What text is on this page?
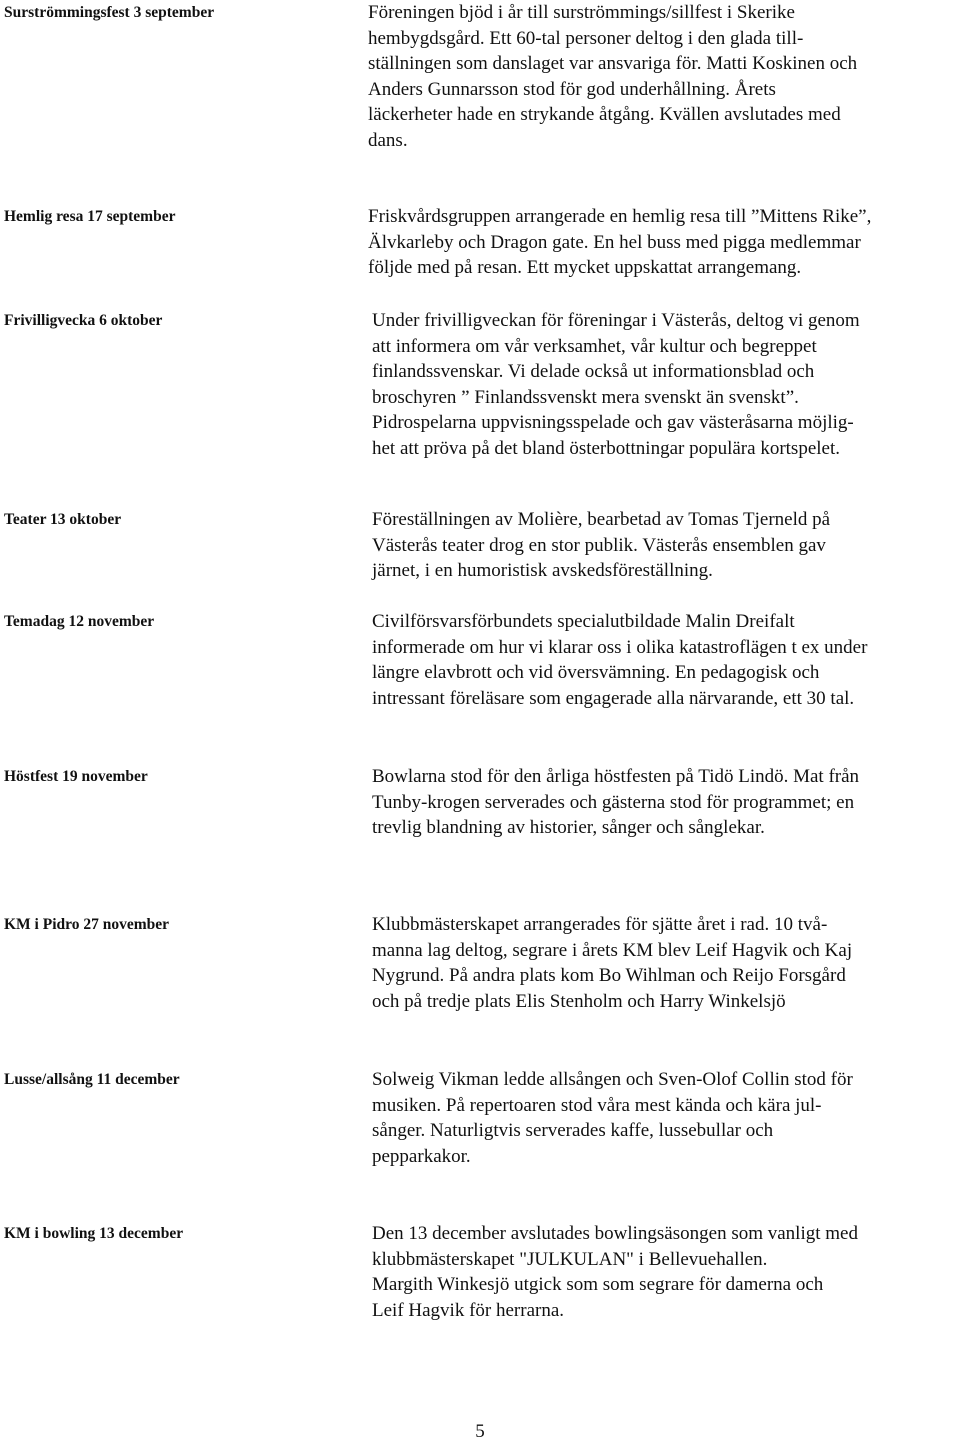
Surströmmingsfest 3 september	Föreningen bjöd i år till surströmmings/sillfest i Skerike
hembygdsgård. Ett 60-tal personer deltog i den glada till-
ställningen som danslaget var ansvariga för. Matti Koskinen och
Anders Gunnarsson stod för god underhållning. Årets
läckerheter hade en strykande åtgång. Kvällen avslutades med
dans.
Hemlig resa 17 september	Friskvårdsgruppen arrangerade en hemlig resa till ”Mittens Rike”,
Älvkarleby och Dragon gate. En hel buss med pigga medlemmar
följde med på resan. Ett mycket uppskattat arrangemang.
Frivilligvecka 6 oktober	Under frivilligveckan för föreningar i Västerås, deltog vi genom
att informera om vår verksamhet, vår kultur och begreppet
finlandssvenskar. Vi delade också ut informationsblad och
broschyren ” Finlandssvenskt mera svenskt än svenskt”.
Pidrospelarna uppvisningsspelade och gav västeråsarna möjlig-
het att pröva på det bland österbottningar populära kortspelet.
Teater 13 oktober	Föreställningen av Molière, bearbetad av Tomas Tjerneld på
Västerås teater drog en stor publik. Västerås ensemblen gav
järnet, i en humoristisk avskedsföreställning.
Temadag 12 november	Civilförsvarsförbundets specialutbildade Malin Dreifalt
informerade om hur vi klarar oss i olika katastroflägen t ex under
längre elavbrott och vid översvämning. En pedagogisk och
intressant föreläsare som engagerade alla närvarande, ett 30 tal.
Höstfest 19 november	Bowlarna stod för den årliga höstfesten på Tidö Lindö. Mat från
Tunby-krogen serverades och gästerna stod för programmet; en
trevlig blandning av historier, sånger och sånglekar.
KM i Pidro 27 november	Klubbmästerskapet arrangerades för sjätte året i rad. 10 två-
manna lag deltog, segrare i årets KM blev Leif Hagvik och Kaj
Nygrund. På andra plats kom Bo Wihlman och Reijo Forsgård
och på tredje plats Elis Stenholm och Harry Winkelsjö
Lusse/allsång 11 december	Solweig Vikman ledde allsången och Sven-Olof Collin stod för
musiken. På repertoaren stod våra mest kända och kära jul-
sånger. Naturligtvis serverades kaffe, lussebullar och
pepparkakor.
KM i bowling 13 december	Den 13 december avslutades bowlingsäsongen som vanligt med
klubbmästerskapet "JULKULAN" i Bellevuehallen.
Margith Winkesjö utgick som som segrare för damerna och
Leif Hagvik för herrarna.
5
